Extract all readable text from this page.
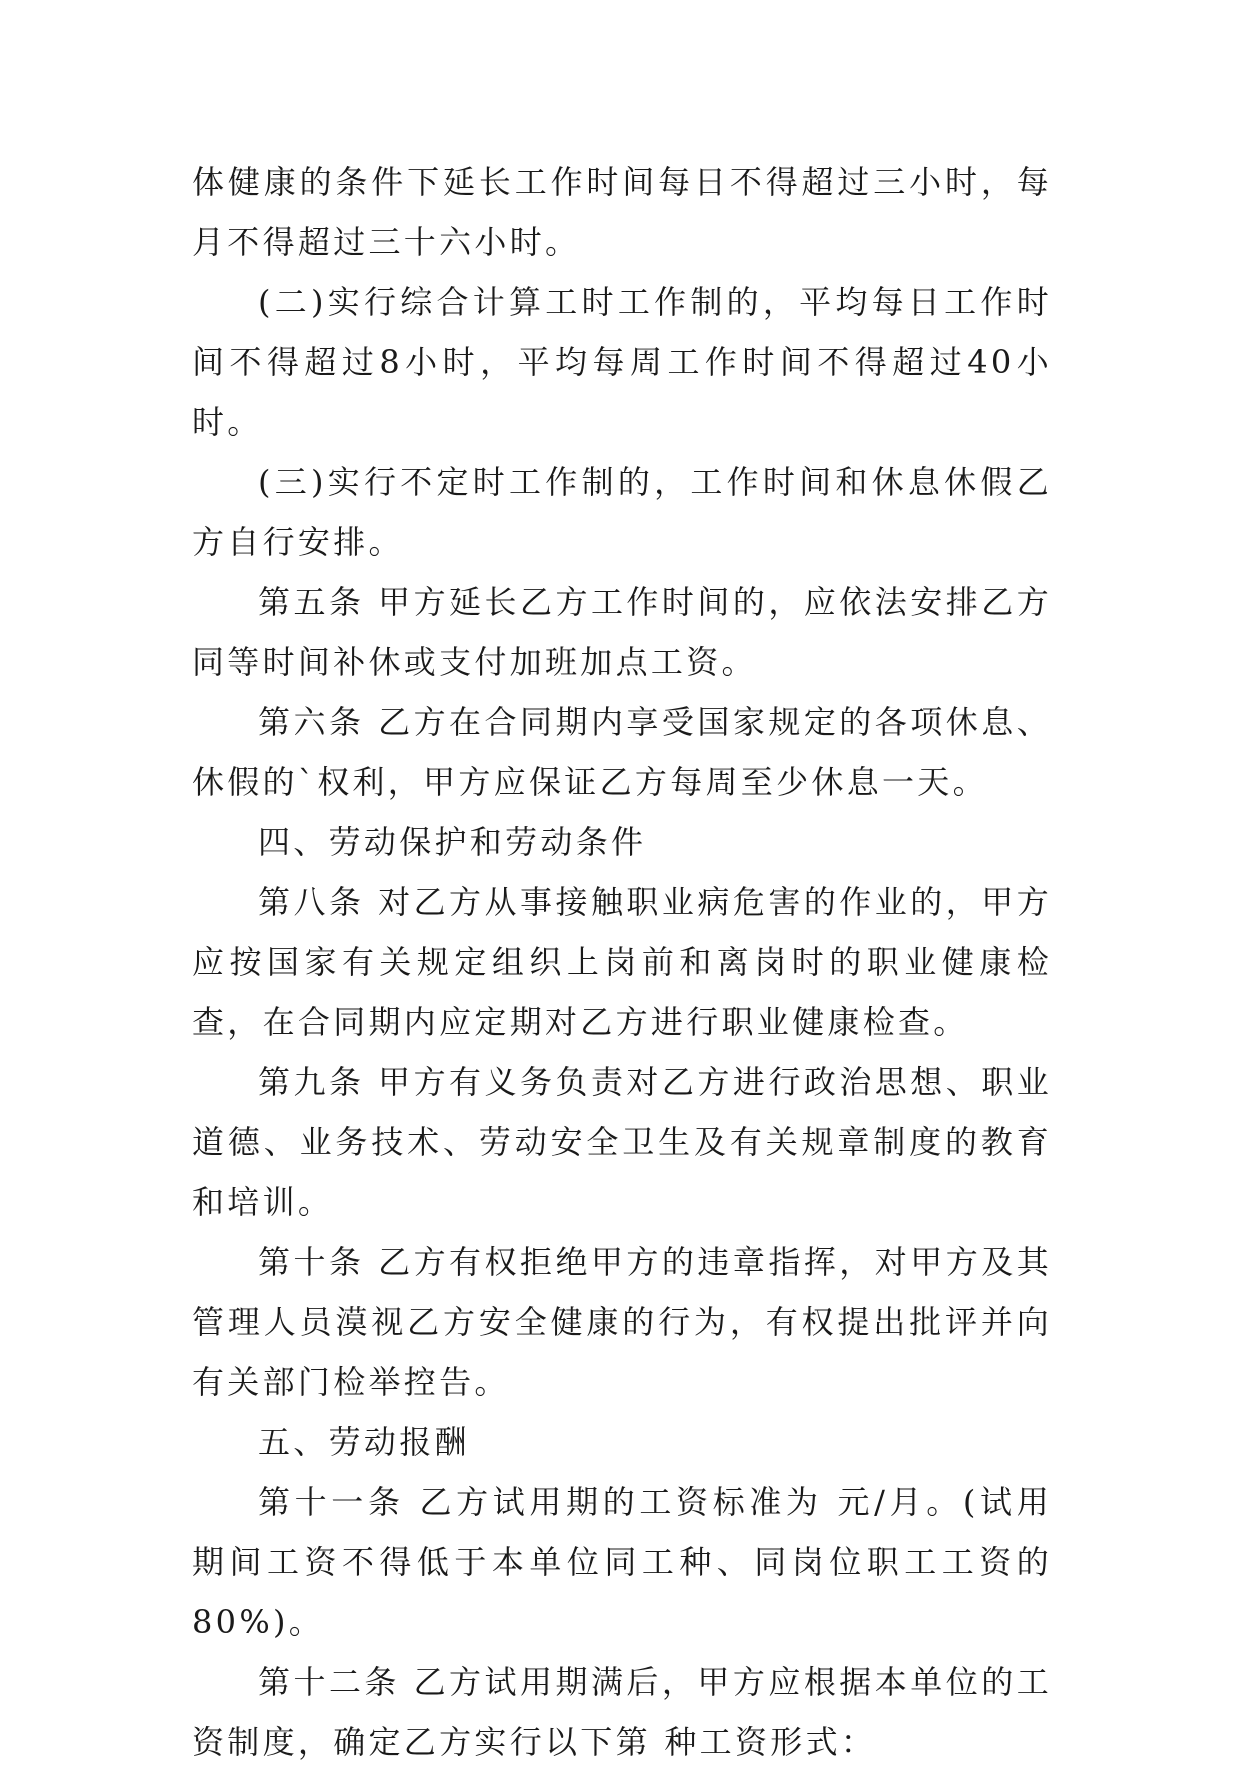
体健康的条件下延长工作时间每日不得超过三小时，每月不得超过三十六小时。

(二)实行综合计算工时工作制的，平均每日工作时间不得超过8小时，平均每周工作时间不得超过40小时。

(三)实行不定时工作制的，工作时间和休息休假乙方自行安排。

第五条 甲方延长乙方工作时间的，应依法安排乙方同等时间补休或支付加班加点工资。

第六条 乙方在合同期内享受国家规定的各项休息、休假的`权利，甲方应保证乙方每周至少休息一天。

四、劳动保护和劳动条件

第八条 对乙方从事接触职业病危害的作业的，甲方应按国家有关规定组织上岗前和离岗时的职业健康检查，在合同期内应定期对乙方进行职业健康检查。

第九条 甲方有义务负责对乙方进行政治思想、职业道德、业务技术、劳动安全卫生及有关规章制度的教育和培训。

第十条 乙方有权拒绝甲方的违章指挥，对甲方及其管理人员漠视乙方安全健康的行为，有权提出批评并向有关部门检举控告。

五、劳动报酬

第十一条 乙方试用期的工资标准为 元/月。(试用期间工资不得低于本单位同工种、同岗位职工工资的80%)。

第十二条 乙方试用期满后，甲方应根据本单位的工资制度，确定乙方实行以下第 种工资形式：
